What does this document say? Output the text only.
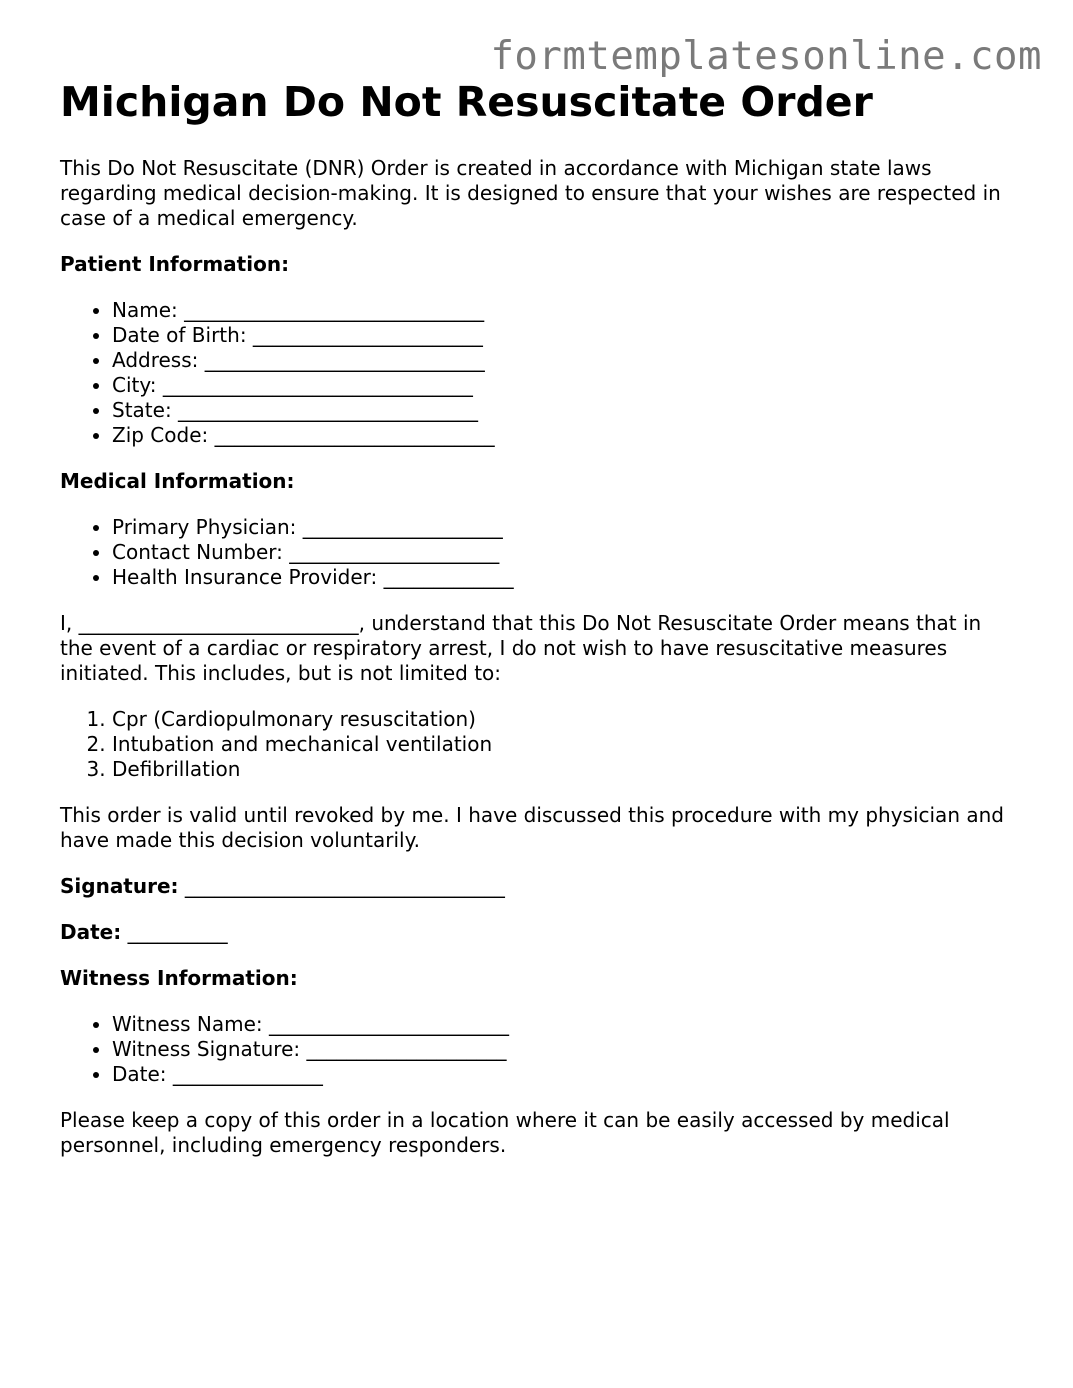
formtemplatesonline.com
Michigan Do Not Resuscitate Order

This Do Not Resuscitate (DNR) Order is created in accordance with Michigan state laws regarding medical decision-making. It is designed to ensure that your wishes are respected in case of a medical emergency.

Patient Information:

• Name: ______________________________
• Date of Birth: _______________________
• Address: ____________________________
• City: _______________________________
• State: ______________________________
• Zip Code: ____________________________

Medical Information:

• Primary Physician: ____________________
• Contact Number: _____________________
• Health Insurance Provider: _____________

I, ____________________________, understand that this Do Not Resuscitate Order means that in the event of a cardiac or respiratory arrest, I do not wish to have resuscitative measures initiated. This includes, but is not limited to:

1. Cpr (Cardiopulmonary resuscitation)
2. Intubation and mechanical ventilation
3. Defibrillation

This order is valid until revoked by me. I have discussed this procedure with my physician and have made this decision voluntarily.

Signature: ________________________________

Date: __________

Witness Information:

• Witness Name: ________________________
• Witness Signature: ____________________
• Date: _______________

Please keep a copy of this order in a location where it can be easily accessed by medical personnel, including emergency responders.
